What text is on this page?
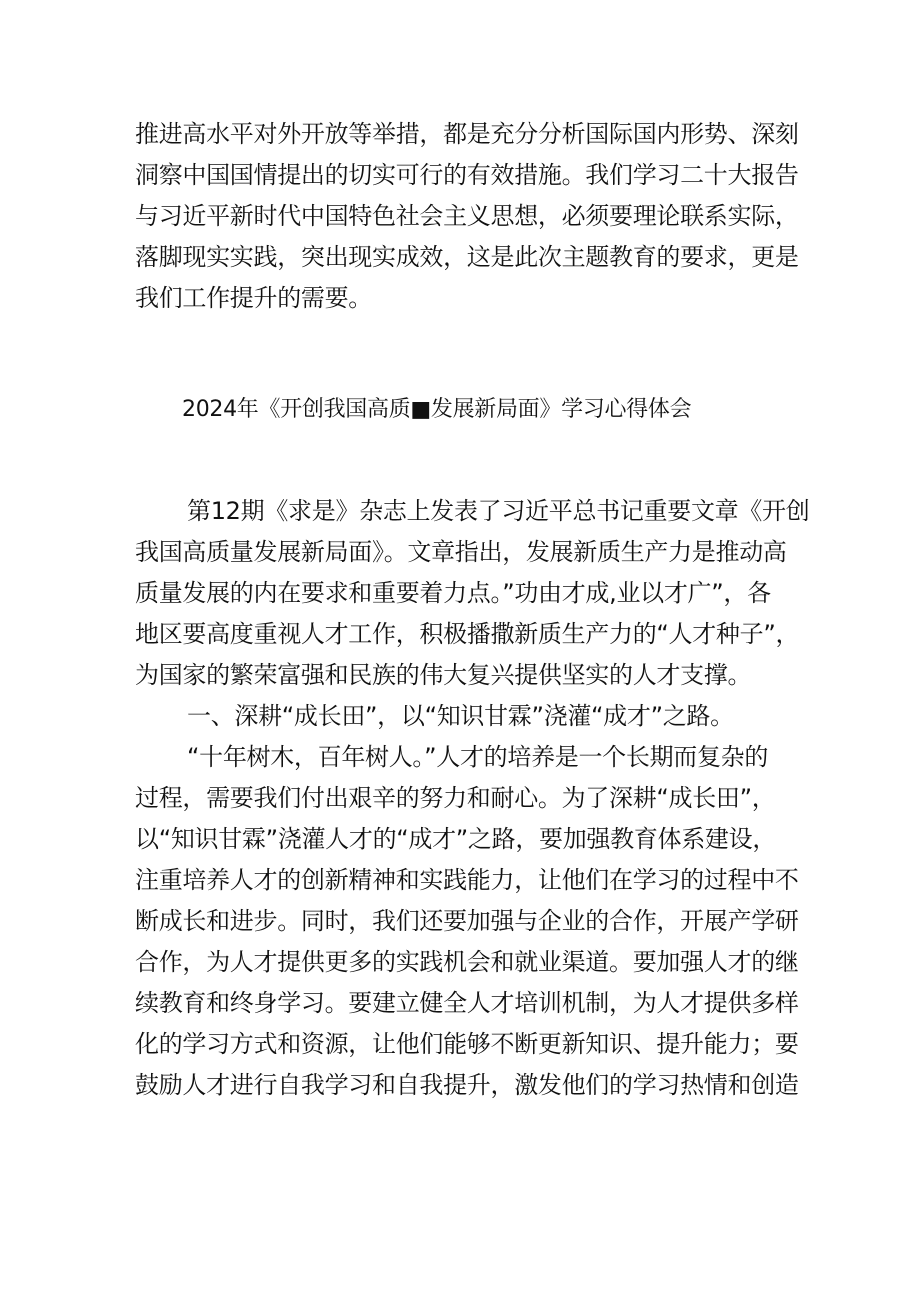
推进高水平对外开放等举措，都是充分分析国际国内形势、深刻
洞察中国国情提出的切实可行的有效措施。我们学习二十大报告
与习近平新时代中国特色社会主义思想，必须要理论联系实际，
落脚现实实践，突出现实成效，这是此次主题教育的要求，更是
我们工作提升的需要。
2024年《开创我国高质■发展新局面》学习心得体会
第12期《求是》杂志上发表了习近平总书记重要文章《开创
我国高质量发展新局面》。文章指出，发展新质生产力是推动高
质量发展的内在要求和重要着力点。”功由才成,业以才广”，各
地区要高度重视人才工作，积极播撒新质生产力的“人才种子”，
为国家的繁荣富强和民族的伟大复兴提供坚实的人才支撑。
一、深耕“成长田”，以“知识甘霖”浇灌“成才”之路。
“十年树木，百年树人。”人才的培养是一个长期而复杂的
过程，需要我们付出艰辛的努力和耐心。为了深耕“成长田”，
以“知识甘霖”浇灌人才的“成才”之路，要加强教育体系建设，
注重培养人才的创新精神和实践能力，让他们在学习的过程中不
断成长和进步。同时，我们还要加强与企业的合作，开展产学研
合作，为人才提供更多的实践机会和就业渠道。要加强人才的继
续教育和终身学习。要建立健全人才培训机制，为人才提供多样
化的学习方式和资源，让他们能够不断更新知识、提升能力；要
鼓励人才进行自我学习和自我提升，激发他们的学习热情和创造
